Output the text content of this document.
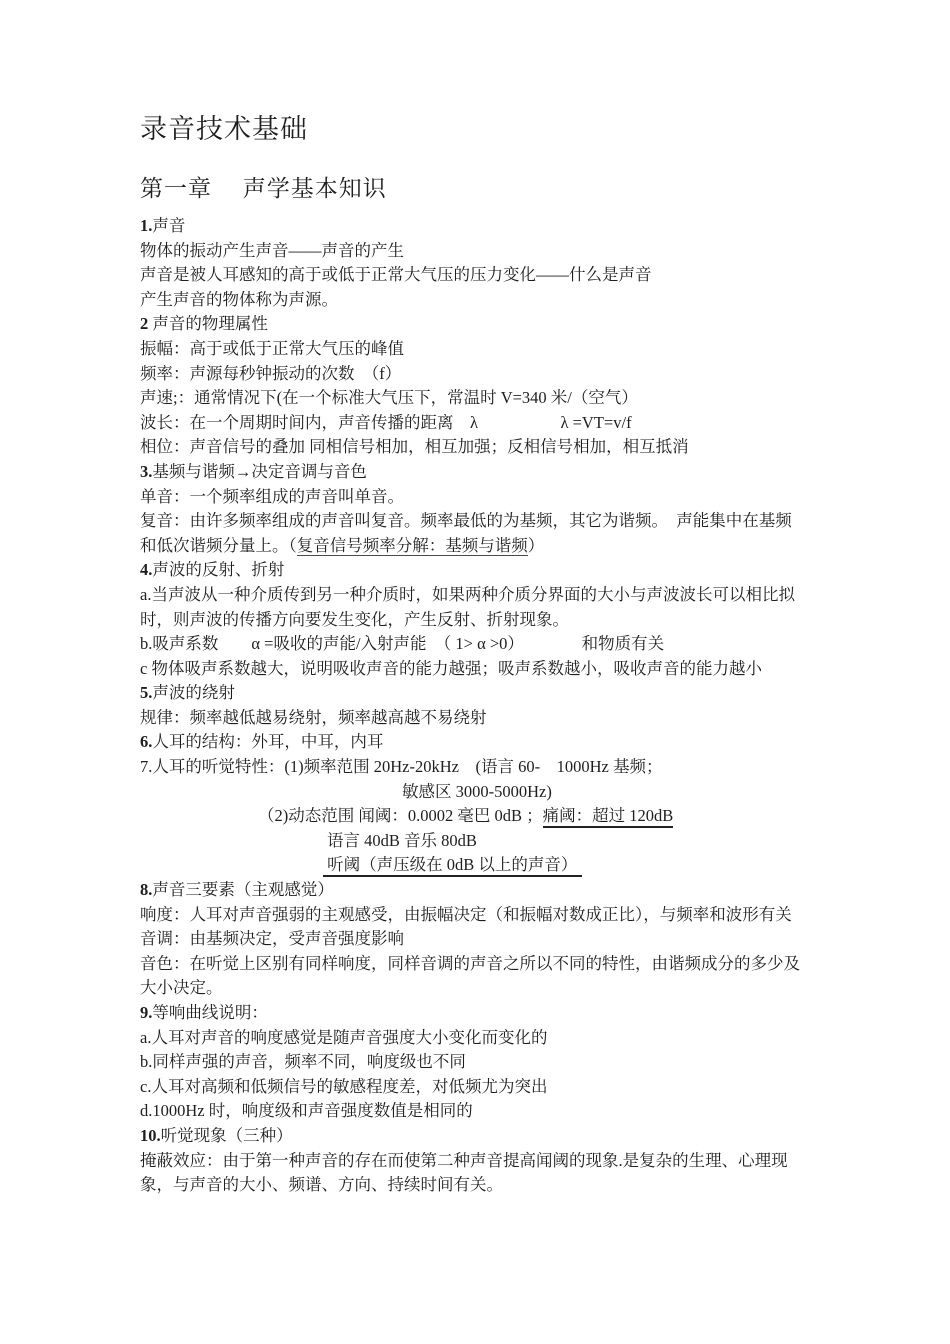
录音技术基础
第一章　 声学基本知识
1.声音
物体的振动产生声音——声音的产生
声音是被人耳感知的高于或低于正常大气压的压力变化——什么是声音
产生声音的物体称为声源。
2 声音的物理属性
振幅：高于或低于正常大气压的峰值
频率：声源每秒钟振动的次数　（f）
声速;：通常情况下(在一个标准大气压下，常温时 V=340 米/（空气）
波长：在一个周期时间内，声音传播的距离　λ　　　　　λ =VT=v/f
相位：声音信号的叠加 同相信号相加，相互加强；反相信号相加，相互抵消
3.基频与谐频→决定音调与音色
单音：一个频率组成的声音叫单音。
复音：由许多频率组成的声音叫复音。频率最低的为基频，其它为谐频。　声能集中在基频
和低次谐频分量上。（复音信号频率分解：基频与谐频）
4.声波的反射、折射
a.当声波从一种介质传到另一种介质时，如果两种介质分界面的大小与声波波长可以相比拟
时，则声波的传播方向要发生变化，产生反射、折射现象。
b.吸声系数　　α =吸收的声能/入射声能　（ 1> α >0）　　　　和物质有关
c 物体吸声系数越大，说明吸收声音的能力越强；吸声系数越小，吸收声音的能力越小
5.声波的绕射
规律：频率越低越易绕射，频率越高越不易绕射
6.人耳的结构：外耳，中耳，内耳
7.人耳的听觉特性：(1)频率范围 20Hz-20kHz　(语言 60-　1000Hz 基频；
敏感区 3000-5000Hz)
（2)动态范围 闻阈：0.0002 毫巴 0dB ；痛阈：超过 120dB
语言 40dB 音乐 80dB
听阈（声压级在 0dB 以上的声音）
8.声音三要素（主观感觉）
响度：人耳对声音强弱的主观感受，由振幅决定（和振幅对数成正比），与频率和波形有关
音调：由基频决定，受声音强度影响
音色：在听觉上区别有同样响度，同样音调的声音之所以不同的特性，由谐频成分的多少及
大小决定。
9.等响曲线说明：
a.人耳对声音的响度感觉是随声音强度大小变化而变化的
b.同样声强的声音，频率不同，响度级也不同
c.人耳对高频和低频信号的敏感程度差，对低频尤为突出
d.1000Hz 时，响度级和声音强度数值是相同的
10.听觉现象（三种）
掩蔽效应：由于第一种声音的存在而使第二种声音提高闻阈的现象.是复杂的生理、心理现
象，与声音的大小、频谱、方向、持续时间有关。
